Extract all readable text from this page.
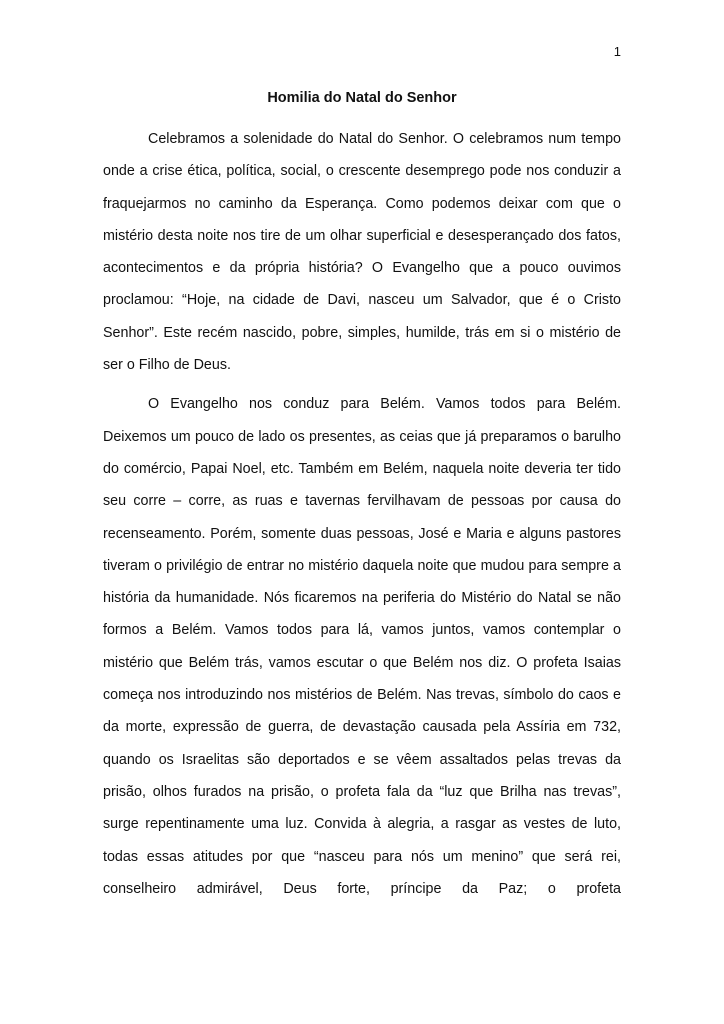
1
Homilia do Natal do Senhor

Celebramos a solenidade do Natal do Senhor. O celebramos num tempo onde a crise ética, política, social, o crescente desemprego pode nos conduzir a fraquejarmos no caminho da Esperança. Como podemos deixar com que o mistério desta noite nos tire de um olhar superficial e desesperançado dos fatos, acontecimentos e da própria história? O Evangelho que a pouco ouvimos proclamou: “Hoje, na cidade de Davi, nasceu um Salvador, que é o Cristo Senhor”. Este recém nascido, pobre, simples, humilde, trás em si o mistério de ser o Filho de Deus.

O Evangelho nos conduz para Belém. Vamos todos para Belém. Deixemos um pouco de lado os presentes, as ceias que já preparamos o barulho do comércio, Papai Noel, etc. Também em Belém, naquela noite deveria ter tido seu corre – corre, as ruas e tavernas fervilhavam de pessoas por causa do recenseamento. Porém, somente duas pessoas, José e Maria e alguns pastores tiveram o privilégio de entrar no mistério daquela noite que mudou para sempre a história da humanidade. Nós ficaremos na periferia do Mistério do Natal se não formos a Belém. Vamos todos para lá, vamos juntos, vamos contemplar o mistério que Belém trás, vamos escutar o que Belém nos diz. O profeta Isaias começa nos introduzindo nos mistérios de Belém. Nas trevas, símbolo do caos e da morte, expressão de guerra, de devastação causada pela Assíria em 732, quando os Israelitas são deportados e se vêem assaltados pelas trevas da prisão, olhos furados na prisão, o profeta fala da “luz que Brilha nas trevas”, surge repentinamente uma luz. Convida à alegria, a rasgar as vestes de luto, todas essas atitudes por que “nasceu para nós um menino” que será rei, conselheiro admirável, Deus forte, príncipe da Paz; o profeta
